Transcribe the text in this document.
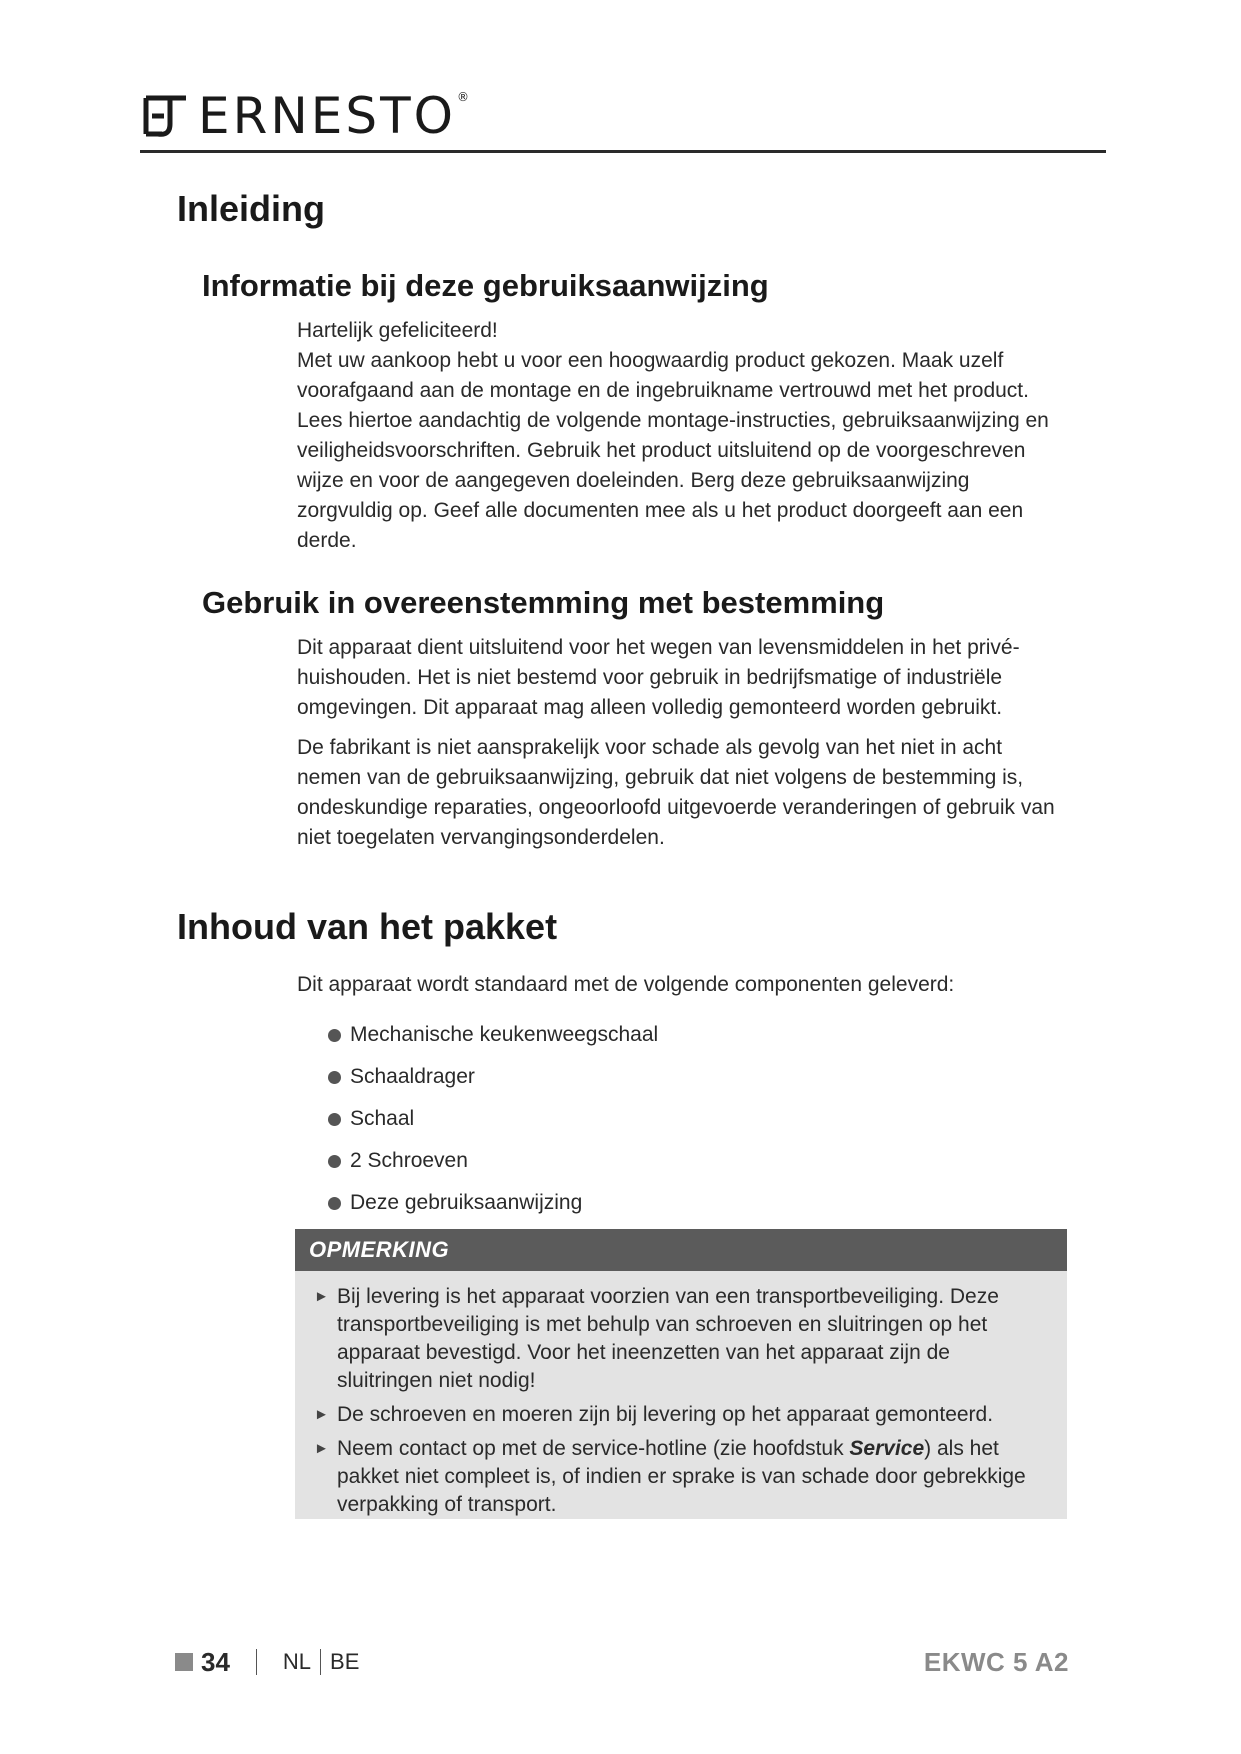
ERNESTO®
Inleiding
Informatie bij deze gebruiksaanwijzing

Hartelijk gefeliciteerd!

Met uw aankoop hebt u voor een hoogwaardig product gekozen. Maak uzelf voorafgaand aan de montage en de ingebruikname vertrouwd met het product. Lees hiertoe aandachtig de volgende montage-instructies, gebruiksaanwijzing en veiligheidsvoorschriften. Gebruik het product uitsluitend op de voorgeschreven wijze en voor de aangegeven doeleinden. Berg deze gebruiksaanwijzing zorgvuldig op. Geef alle documenten mee als u het product doorgeeft aan een derde.

Gebruik in overeenstemming met bestemming

Dit apparaat dient uitsluitend voor het wegen van levensmiddelen in het privé-huishouden. Het is niet bestemd voor gebruik in bedrijfsmatige of industriële omgevingen. Dit apparaat mag alleen volledig gemonteerd worden gebruikt.

De fabrikant is niet aansprakelijk voor schade als gevolg van het niet in acht nemen van de gebruiksaanwijzing, gebruik dat niet volgens de bestemming is, ondeskundige reparaties, ongeoorloofd uitgevoerde veranderingen of gebruik van niet toegelaten vervangingsonderdelen.

Inhoud van het pakket

Dit apparaat wordt standaard met de volgende componenten geleverd:

Mechanische keukenweegschaal
Schaaldrager
Schaal
2 Schroeven
Deze gebruiksaanwijzing
OPMERKING
► Bij levering is het apparaat voorzien van een transportbeveiliging. Deze transportbeveiliging is met behulp van schroeven en sluitringen op het apparaat bevestigd. Voor het ineenzetten van het apparaat zijn de sluitringen niet nodig!
► De schroeven en moeren zijn bij levering op het apparaat gemonteerd.
► Neem contact op met de service-hotline (zie hoofdstuk Service) als het pakket niet compleet is, of indien er sprake is van schade door gebrekkige verpakking of transport.
34 NL BE	EKWC 5 A2
